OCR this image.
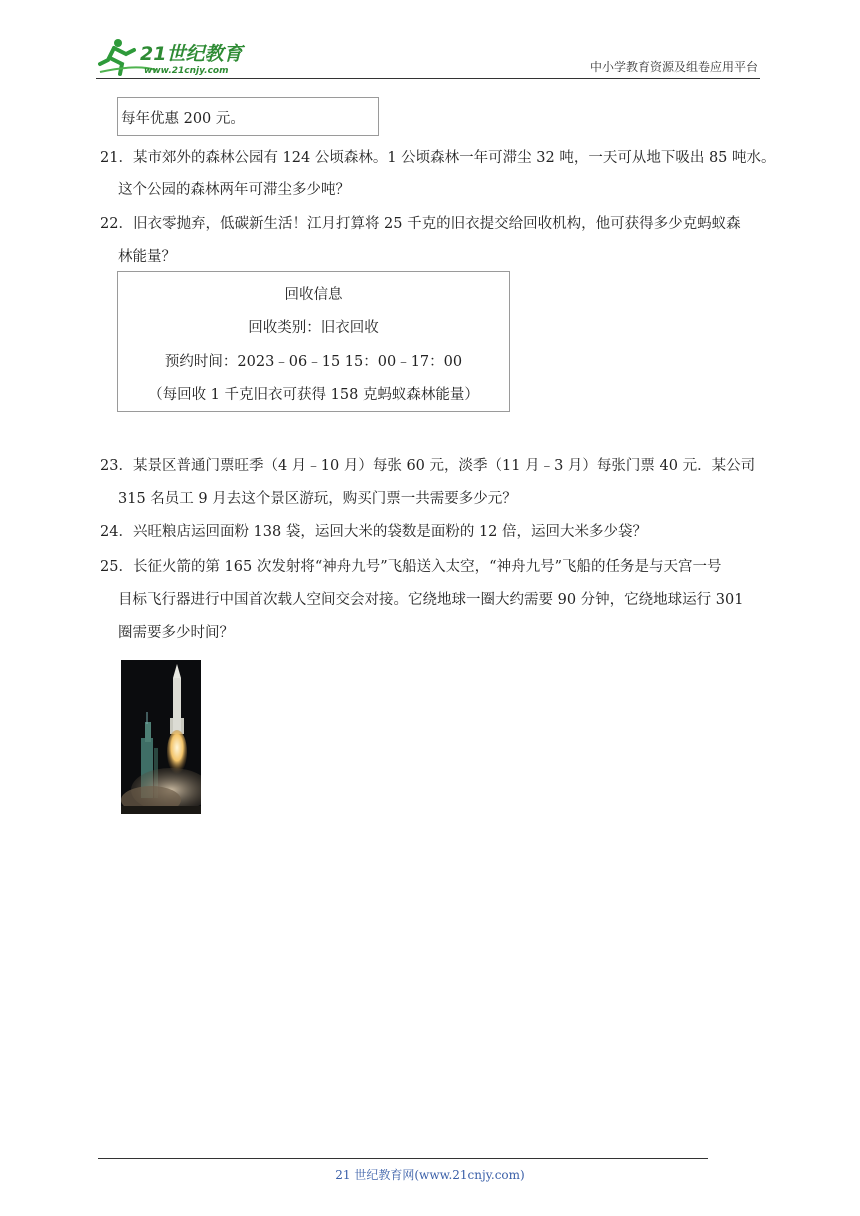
21世纪教育
www.21cnjy.com	中小学教育资源及组卷应用平台
每年优惠 200 元。
21．某市郊外的森林公园有 124 公顷森林。1 公顷森林一年可滞尘 32 吨，一天可从地下吸出 85 吨水。
这个公园的森林两年可滞尘多少吨？
22．旧衣零抛弃，低碳新生活！江月打算将 25 千克的旧衣提交给回收机构，他可获得多少克蚂蚁森
林能量？
回收信息
回收类别：旧衣回收
预约时间：2023﹣06﹣15 15：00﹣17：00
（每回收 1 千克旧衣可获得 158 克蚂蚁森林能量）
23．某景区普通门票旺季（4 月﹣10 月）每张 60 元，淡季（11 月﹣3 月）每张门票 40 元．某公司
315 名员工 9 月去这个景区游玩，购买门票一共需要多少元？
24．兴旺粮店运回面粉 138 袋，运回大米的袋数是面粉的 12 倍，运回大米多少袋？
25．长征火箭的第 165 次发射将“神舟九号”飞船送入太空，“神舟九号”飞船的任务是与天宫一号
目标飞行器进行中国首次载人空间交会对接。它绕地球一圈大约需要 90 分钟，它绕地球运行 301
圈需要多少时间？
21 世纪教育网(www.21cnjy.com)
